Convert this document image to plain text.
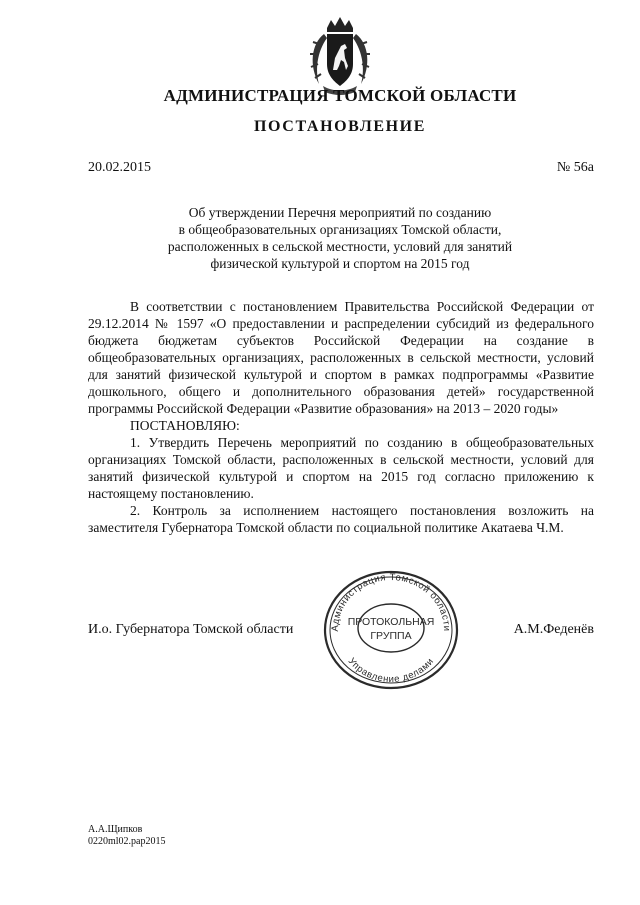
АДМИНИСТРАЦИЯ ТОМСКОЙ ОБЛАСТИ
ПОСТАНОВЛЕНИЕ
20.02.2015	№ 56а
Об утверждении Перечня мероприятий по созданию
в общеобразовательных организациях Томской области,
расположенных в сельской местности, условий для занятий
физической культурой и спортом на 2015 год

В соответствии с постановлением Правительства Российской Федерации от 29.12.2014 № 1597 «О предоставлении и распределении субсидий из федерального бюджета бюджетам субъектов Российской Федерации на создание в общеобразовательных организациях, расположенных в сельской местности, условий для занятий физической культурой и спортом в рамках подпрограммы «Развитие дошкольного, общего и дополнительного образования детей» государственной программы Российской Федерации «Развитие образования» на 2013 – 2020 годы»

ПОСТАНОВЛЯЮ:

1. Утвердить Перечень мероприятий по созданию в общеобразовательных организациях Томской области, расположенных в сельской местности, условий для занятий физической культурой и спортом на 2015 год согласно приложению к настоящему постановлению.

2. Контроль за исполнением настоящего постановления возложить на заместителя Губернатора Томской области по социальной политике Акатаева Ч.М.

И.о. Губернатора Томской области	А.М.Феденёв
Администрация Томской области
Управление делами
ПРОТОКОЛЬНАЯ
ГРУППА
А.А.Щипков
0220ml02.pap2015
